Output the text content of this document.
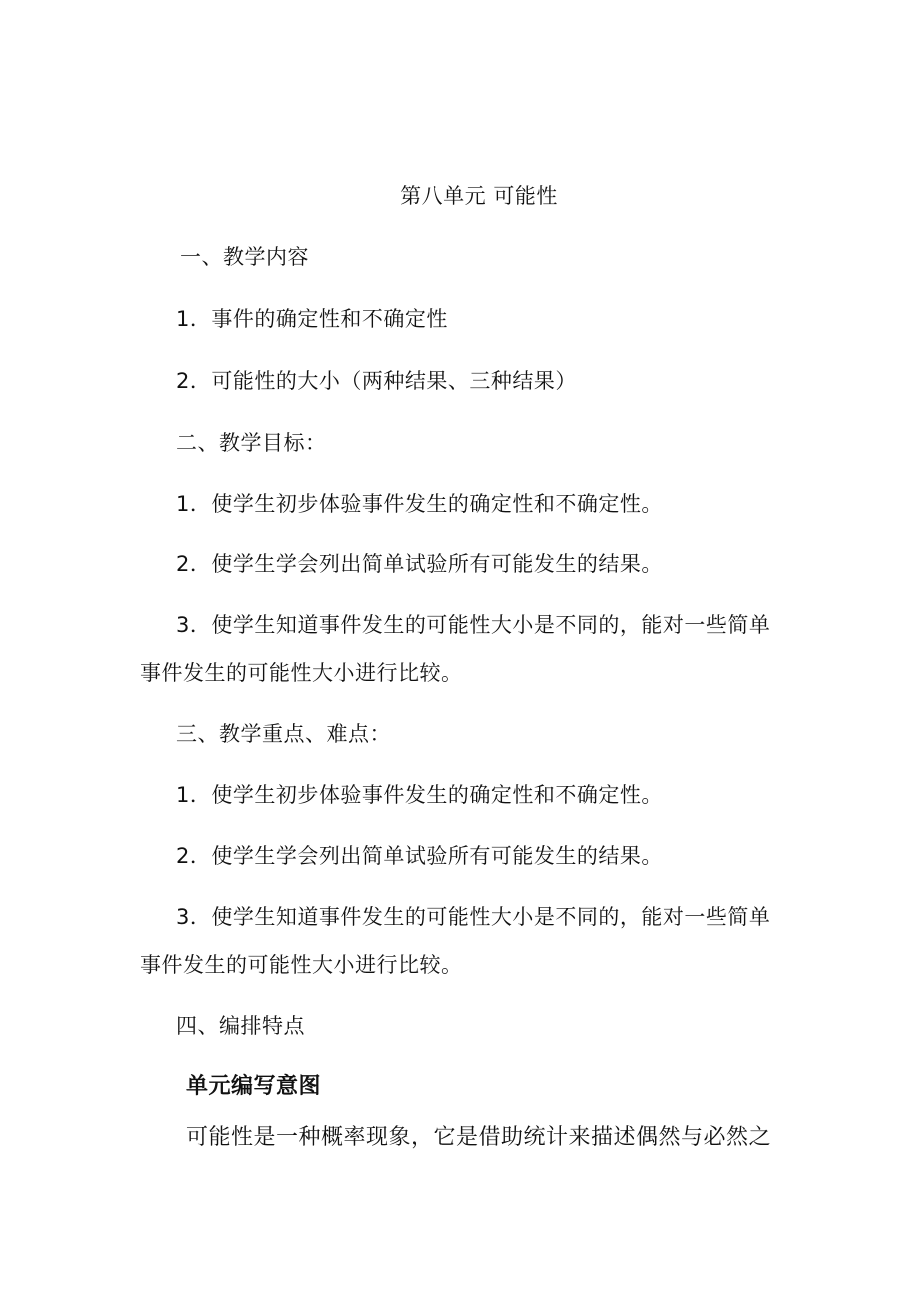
第八单元 可能性
一、教学内容
1．事件的确定性和不确定性
2．可能性的大小（两种结果、三种结果）
二、教学目标：
1．使学生初步体验事件发生的确定性和不确定性。
2．使学生学会列出简单试验所有可能发生的结果。
3．使学生知道事件发生的可能性大小是不同的，能对一些简单
事件发生的可能性大小进行比较。
三、教学重点、难点：
1．使学生初步体验事件发生的确定性和不确定性。
2．使学生学会列出简单试验所有可能发生的结果。
3．使学生知道事件发生的可能性大小是不同的，能对一些简单
事件发生的可能性大小进行比较。
四、编排特点
单元编写意图
可能性是一种概率现象，它是借助统计来描述偶然与必然之
